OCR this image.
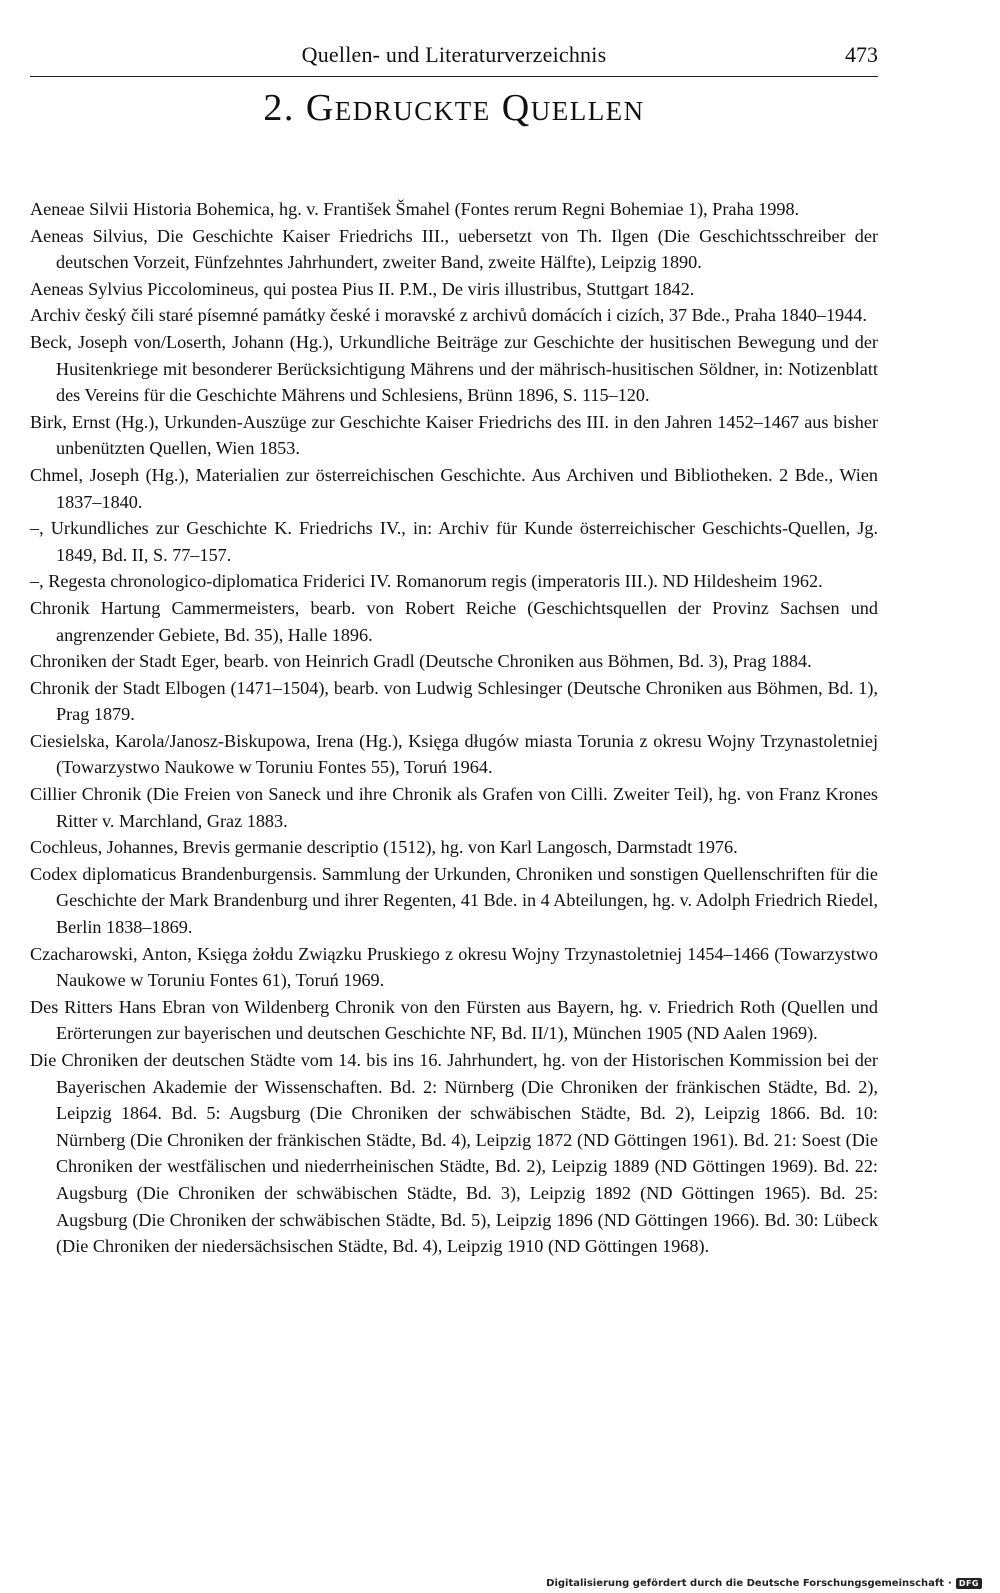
Quellen- und Literaturverzeichnis	473
2. Gedruckte Quellen

Aeneae Silvii Historia Bohemica, hg. v. František Šmahel (Fontes rerum Regni Bohemiae 1), Praha 1998.

Aeneas Silvius, Die Geschichte Kaiser Friedrichs III., uebersetzt von Th. Ilgen (Die Geschichtsschreiber der deutschen Vorzeit, Fünfzehntes Jahrhundert, zweiter Band, zweite Hälfte), Leipzig 1890.

Aeneas Sylvius Piccolomineus, qui postea Pius II. P.M., De viris illustribus, Stuttgart 1842.

Archiv český čili staré písemné památky české i moravské z archivů domácích i cizích, 37 Bde., Praha 1840–1944.

Beck, Joseph von/Loserth, Johann (Hg.), Urkundliche Beiträge zur Geschichte der husitischen Bewegung und der Husitenkriege mit besonderer Berücksichtigung Mährens und der mährisch-husitischen Söldner, in: Notizenblatt des Vereins für die Geschichte Mährens und Schlesiens, Brünn 1896, S. 115–120.

Birk, Ernst (Hg.), Urkunden-Auszüge zur Geschichte Kaiser Friedrichs des III. in den Jahren 1452–1467 aus bisher unbenützten Quellen, Wien 1853.

Chmel, Joseph (Hg.), Materialien zur österreichischen Geschichte. Aus Archiven und Bibliotheken. 2 Bde., Wien 1837–1840.

–, Urkundliches zur Geschichte K. Friedrichs IV., in: Archiv für Kunde österreichischer Geschichts-Quellen, Jg. 1849, Bd. II, S. 77–157.

–, Regesta chronologico-diplomatica Friderici IV. Romanorum regis (imperatoris III.). ND Hildesheim 1962.

Chronik Hartung Cammermeisters, bearb. von Robert Reiche (Geschichtsquellen der Provinz Sachsen und angrenzender Gebiete, Bd. 35), Halle 1896.

Chroniken der Stadt Eger, bearb. von Heinrich Gradl (Deutsche Chroniken aus Böhmen, Bd. 3), Prag 1884.

Chronik der Stadt Elbogen (1471–1504), bearb. von Ludwig Schlesinger (Deutsche Chroniken aus Böhmen, Bd. 1), Prag 1879.

Ciesielska, Karola/Janosz-Biskupowa, Irena (Hg.), Księga długów miasta Torunia z okresu Wojny Trzynastoletniej (Towarzystwo Naukowe w Toruniu Fontes 55), Toruń 1964.

Cillier Chronik (Die Freien von Saneck und ihre Chronik als Grafen von Cilli. Zweiter Teil), hg. von Franz Krones Ritter v. Marchland, Graz 1883.

Cochleus, Johannes, Brevis germanie descriptio (1512), hg. von Karl Langosch, Darmstadt 1976.

Codex diplomaticus Brandenburgensis. Sammlung der Urkunden, Chroniken und sonstigen Quellenschriften für die Geschichte der Mark Brandenburg und ihrer Regenten, 41 Bde. in 4 Abteilungen, hg. v. Adolph Friedrich Riedel, Berlin 1838–1869.

Czacharowski, Anton, Księga żołdu Związku Pruskiego z okresu Wojny Trzynastoletniej 1454–1466 (Towarzystwo Naukowe w Toruniu Fontes 61), Toruń 1969.

Des Ritters Hans Ebran von Wildenberg Chronik von den Fürsten aus Bayern, hg. v. Friedrich Roth (Quellen und Erörterungen zur bayerischen und deutschen Geschichte NF, Bd. II/1), München 1905 (ND Aalen 1969).

Die Chroniken der deutschen Städte vom 14. bis ins 16. Jahrhundert, hg. von der Historischen Kommission bei der Bayerischen Akademie der Wissenschaften. Bd. 2: Nürnberg (Die Chroniken der fränkischen Städte, Bd. 2), Leipzig 1864. Bd. 5: Augsburg (Die Chroniken der schwäbischen Städte, Bd. 2), Leipzig 1866. Bd. 10: Nürnberg (Die Chroniken der fränkischen Städte, Bd. 4), Leipzig 1872 (ND Göttingen 1961). Bd. 21: Soest (Die Chroniken der westfälischen und niederrheinischen Städte, Bd. 2), Leipzig 1889 (ND Göttingen 1969). Bd. 22: Augsburg (Die Chroniken der schwäbischen Städte, Bd. 3), Leipzig 1892 (ND Göttingen 1965). Bd. 25: Augsburg (Die Chroniken der schwäbischen Städte, Bd. 5), Leipzig 1896 (ND Göttingen 1966). Bd. 30: Lübeck (Die Chroniken der niedersächsischen Städte, Bd. 4), Leipzig 1910 (ND Göttingen 1968).

Digitalisierung gefördert durch die Deutsche Forschungsgemeinschaft · DFG
